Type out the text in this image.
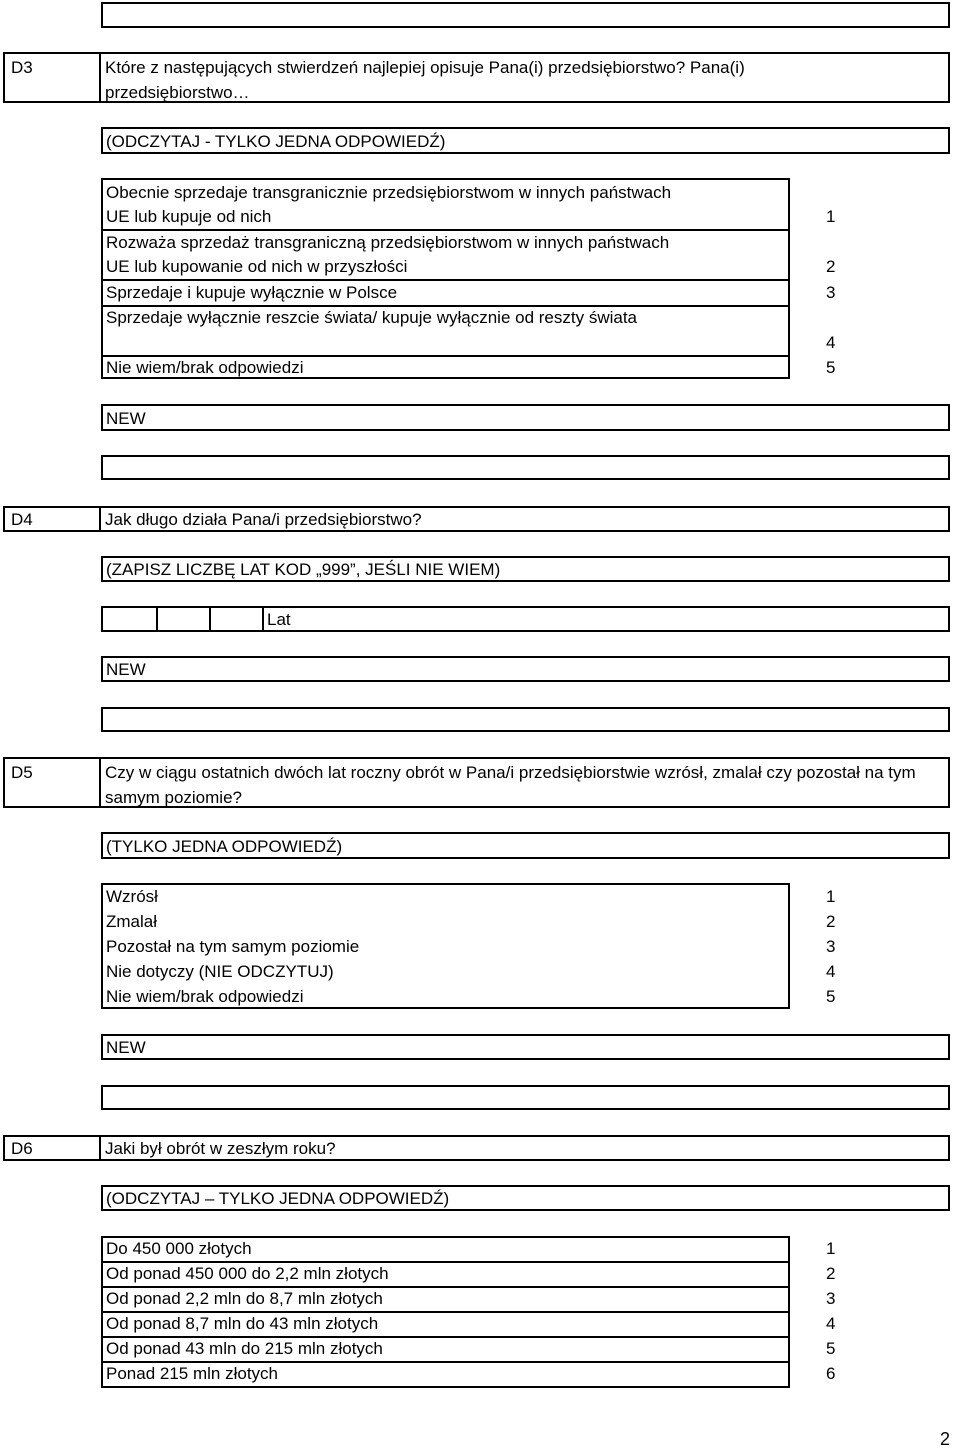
D3	Które z następujących stwierdzeń najlepiej opisuje Pana(i) przedsiębiorstwo? Pana(i) przedsiębiorstwo…
(ODCZYTAJ - TYLKO JEDNA ODPOWIEDŹ)
Obecnie sprzedaje transgranicznie przedsiębiorstwom w innych państwach
UE lub kupuje od nich	1
Rozważa sprzedaż transgraniczną przedsiębiorstwom w innych państwach
UE lub kupowanie od nich w przyszłości	2
Sprzedaje i kupuje wyłącznie w Polsce	3
Sprzedaje wyłącznie reszcie świata/ kupuje wyłącznie od reszty świata
4
Nie wiem/brak odpowiedzi	5
NEW
D4	Jak długo działa Pana/i przedsiębiorstwo?
(ZAPISZ LICZBĘ LAT KOD „999”, JEŚLI NIE WIEM)
Lat
NEW
D5	Czy w ciągu ostatnich dwóch lat roczny obrót w Pana/i przedsiębiorstwie wzrósł, zmalał czy pozostał na tym samym poziomie?
(TYLKO JEDNA ODPOWIEDŹ)
Wzrósł	1
Zmalał	2
Pozostał na tym samym poziomie	3
Nie dotyczy (NIE ODCZYTUJ)	4
Nie wiem/brak odpowiedzi	5
NEW
D6	Jaki był obrót w zeszłym roku?
(ODCZYTAJ – TYLKO JEDNA ODPOWIEDŹ)
Do 450 000 złotych	1
Od ponad 450 000 do 2,2 mln złotych	2
Od ponad 2,2 mln do 8,7 mln złotych	3
Od ponad 8,7 mln do 43 mln złotych	4
Od ponad 43 mln do 215 mln złotych	5
Ponad 215 mln złotych	6
2
